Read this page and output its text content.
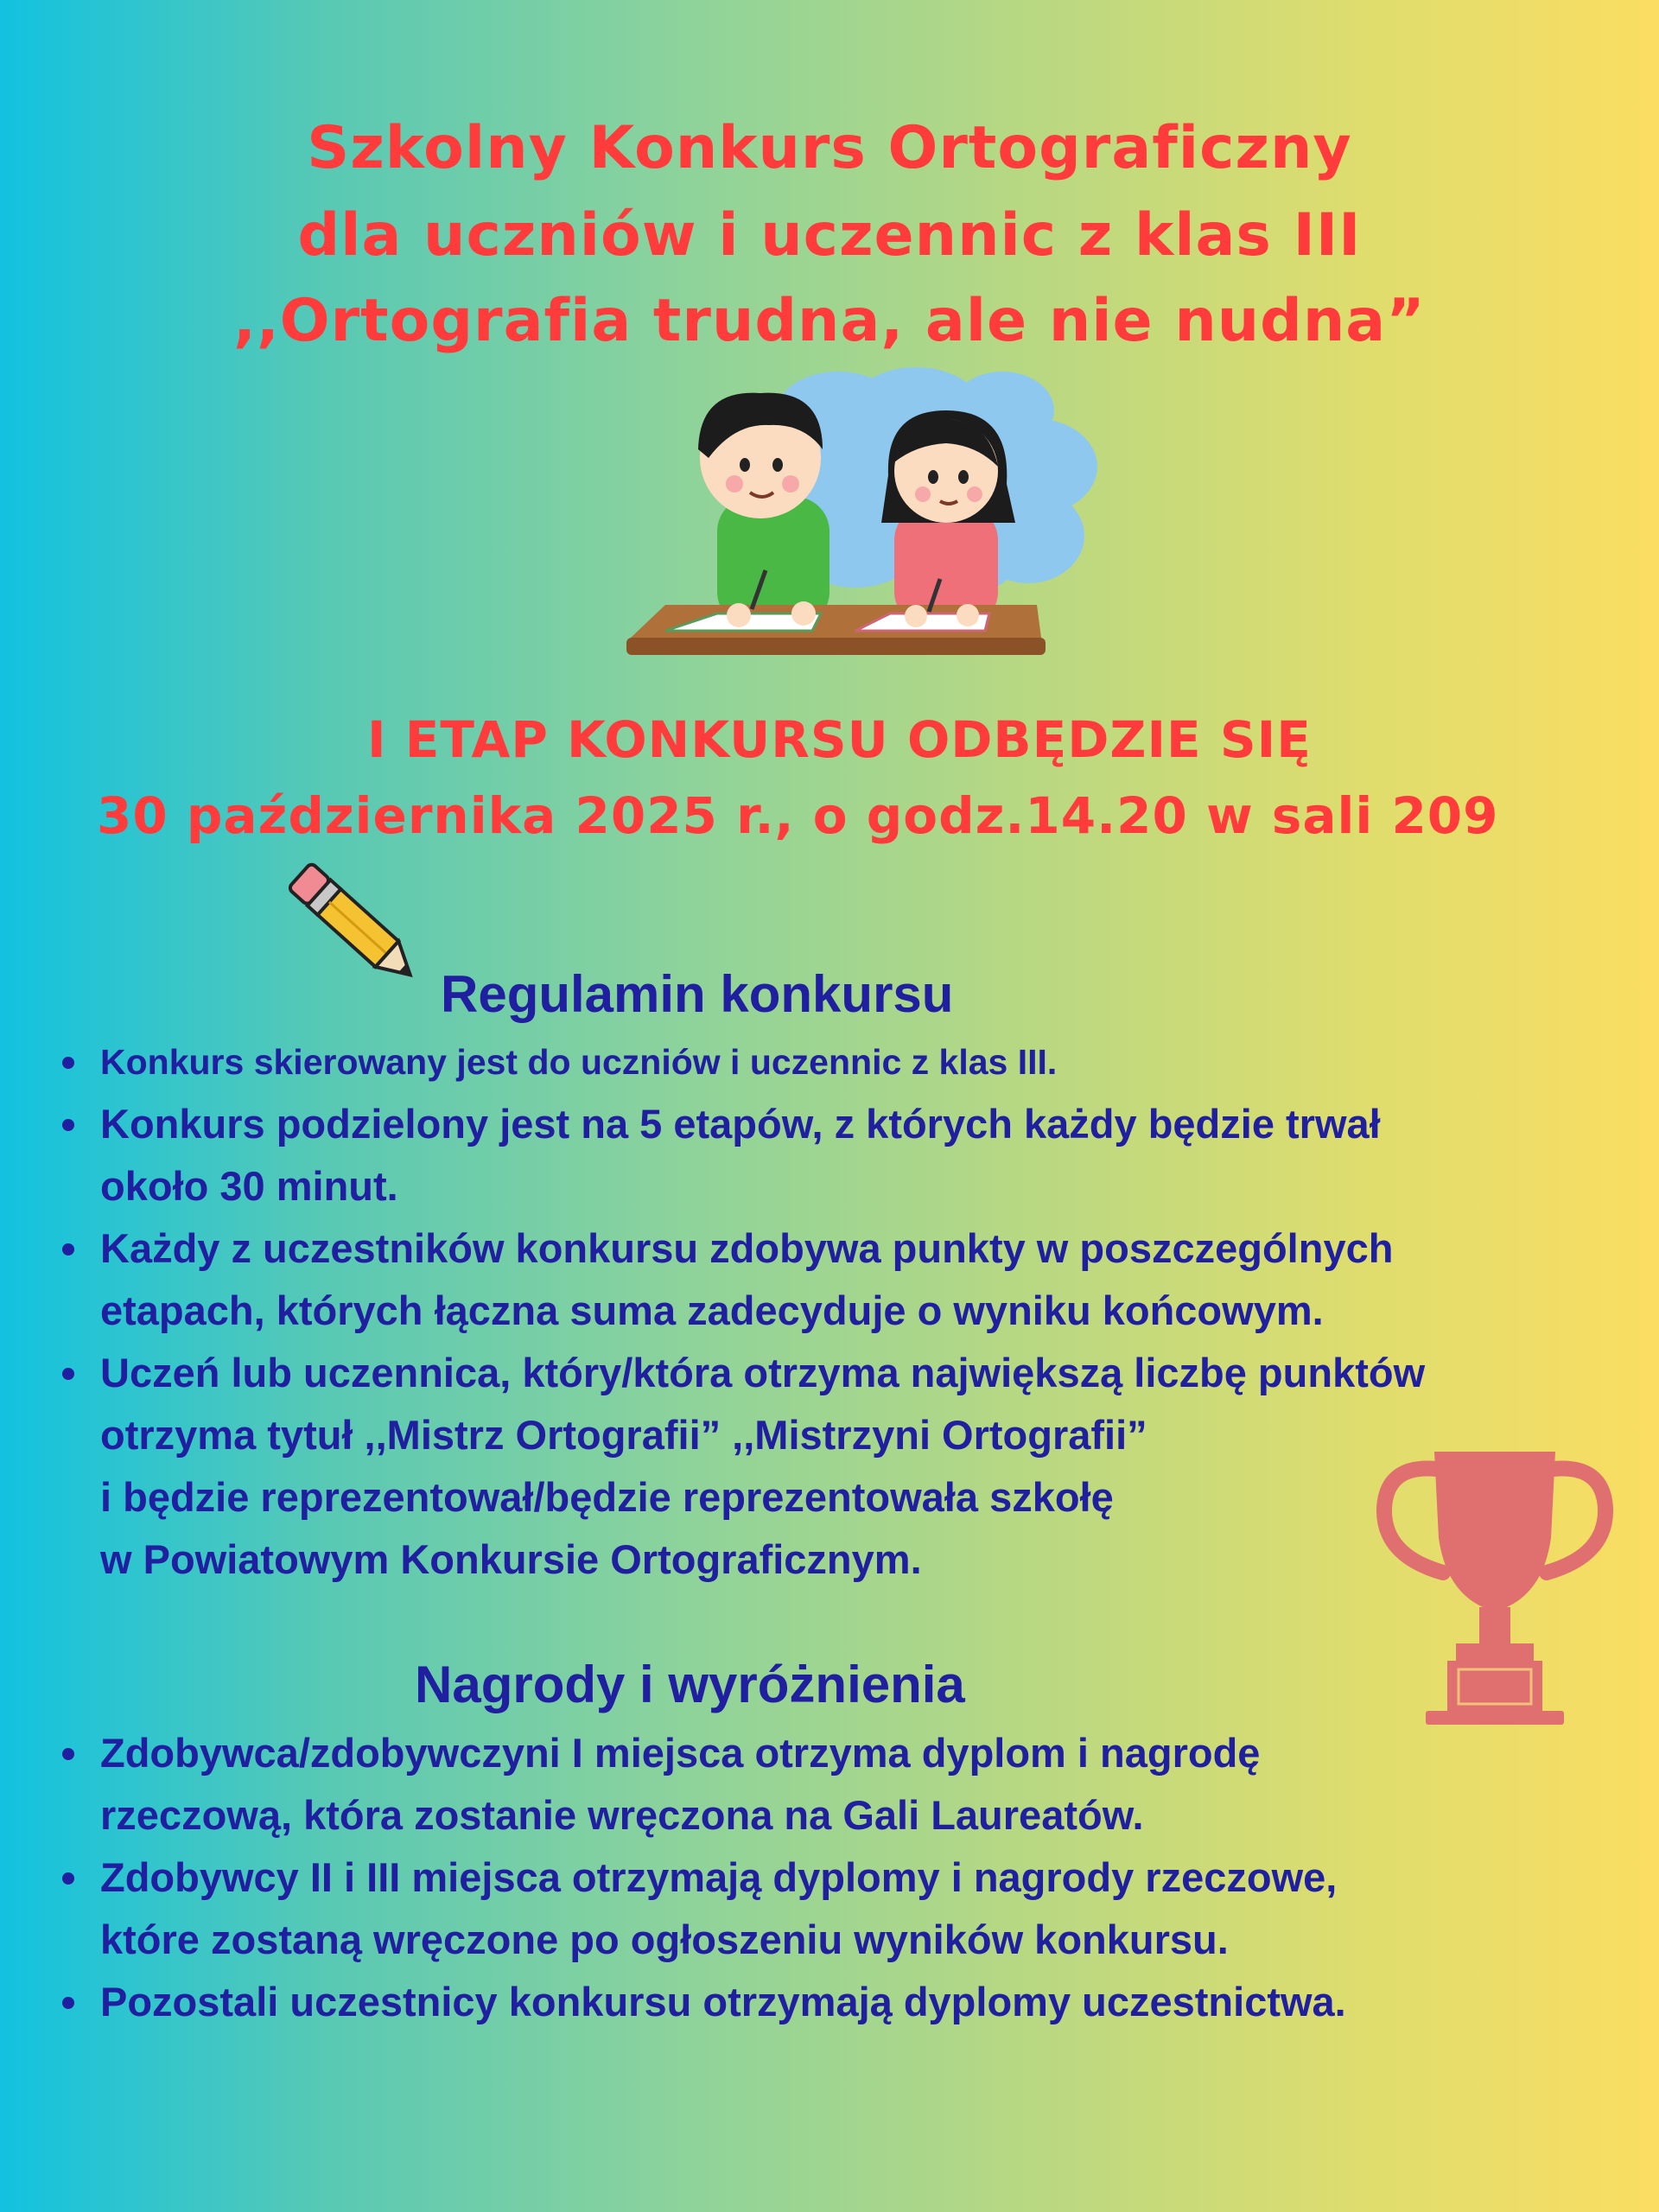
Szkolny Konkurs Ortograficzny
dla uczniów i uczennic z klas III
,,Ortografia trudna, ale nie nudna”
I ETAP KONKURSU ODBĘDZIE SIĘ
30 października 2025 r., o godz.14.20 w sali 209
Regulamin konkursu
Konkurs skierowany jest do uczniów i uczennic z klas III.
Konkurs podzielony jest na 5 etapów, z których każdy będzie trwał
około 30 minut.
Każdy z uczestników konkursu zdobywa punkty w poszczególnych
etapach, których łączna suma zadecyduje o wyniku końcowym.
Uczeń lub uczennica, który/która otrzyma największą liczbę punktów
otrzyma tytuł ,,Mistrz Ortografii” ,,Mistrzyni Ortografii”
i będzie reprezentował/będzie reprezentowała szkołę
w Powiatowym Konkursie Ortograficznym.
Nagrody i wyróżnienia
Zdobywca/zdobywczyni I miejsca otrzyma dyplom i nagrodę
rzeczową, która zostanie wręczona na Gali Laureatów.
Zdobywcy II i III miejsca otrzymają dyplomy i nagrody rzeczowe,
które zostaną wręczone po ogłoszeniu wyników konkursu.
Pozostali uczestnicy konkursu otrzymają dyplomy uczestnictwa.
